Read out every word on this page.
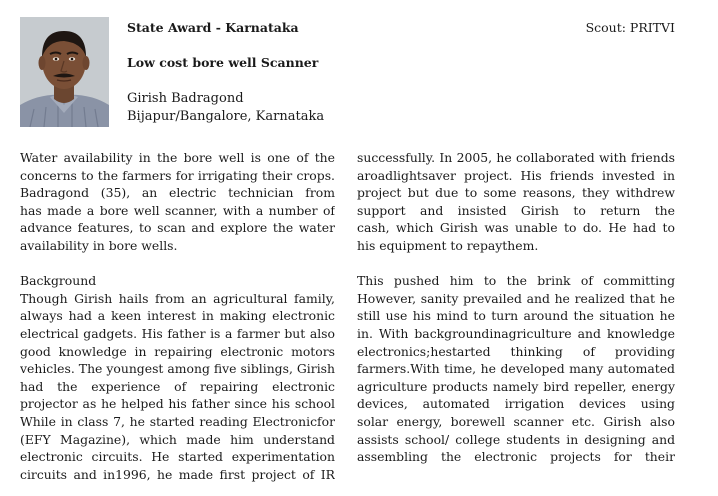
State Award - Karnataka
Low cost bore well Scanner
Girish Badragond
Bijapur/Bangalore, Karnataka
Scout: PRITVI
Water availability in the bore well is one of the
concerns to the farmers for irrigating their crops.
Badragond (35), an electric technician from
has made a bore well scanner, with a number of
advance features, to scan and explore the water
availability in bore wells.
Background
Though Girish hails from an agricultural family,
always had a keen interest in making electronic
electrical gadgets. His father is a farmer but also
good knowledge in repairing electronic motors
vehicles. The youngest among five siblings, Girish
had the experience of repairing electronic
projector as he helped his father since his school
While in class 7, he started reading Electronicfor
(EFY Magazine), which made him understand
electronic circuits. He started experimentation
circuits and in1996, he made first project of IR
successfully. In 2005, he collaborated with friends
aroadlightsaver project. His friends invested in
project but due to some reasons, they withdrew
support and insisted Girish to return the
cash, which Girish was unable to do. He had to
his equipment to repaythem.
This pushed him to the brink of committing
However, sanity prevailed and he realized that he
still use his mind to turn around the situation he
in. With backgroundinagriculture and knowledge
electronics;hestarted thinking of providing
farmers.With time, he developed many automated
agriculture products namely bird repeller, energy
devices, automated irrigation devices using
solar energy, borewell scanner etc. Girish also
assists school/ college students in designing and
assembling the electronic projects for their
